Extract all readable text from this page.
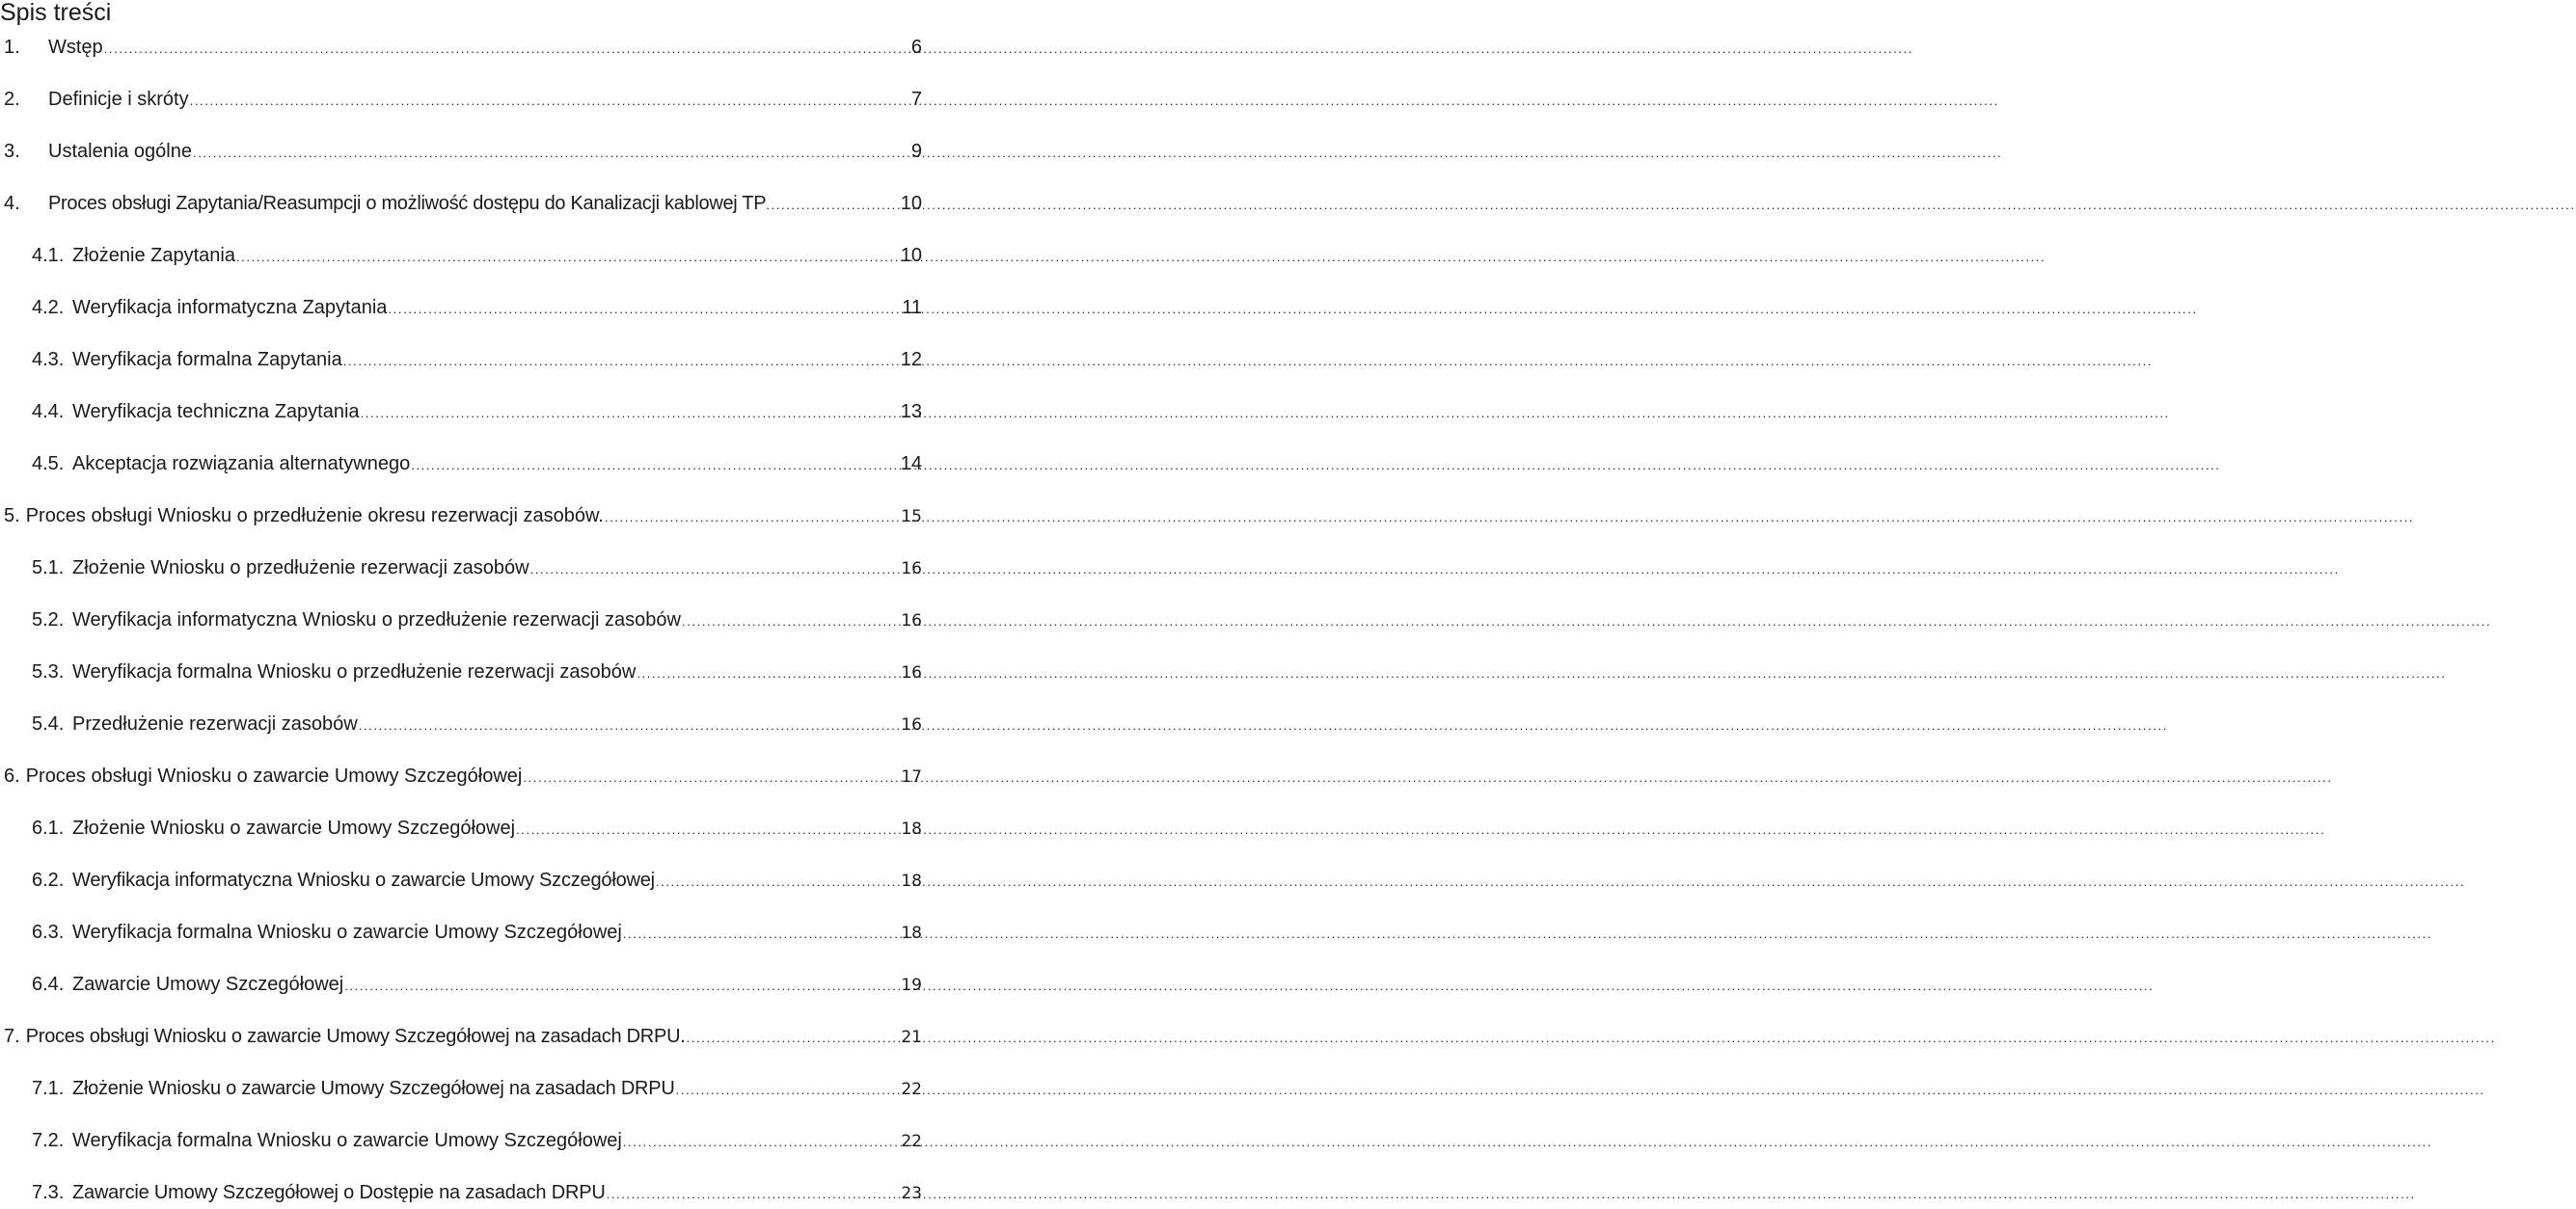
Spis treści
1.	Wstęp .....	6
2.	Definicje i skróty .....	7
3.	Ustalenia ogólne .....	9
4.	Proces obsługi Zapytania/Reasumpcji o możliwość dostępu do Kanalizacji kablowej TP .....	10
4.1. Złożenie Zapytania .....	10
4.2. Weryfikacja informatyczna Zapytania .....	11
4.3. Weryfikacja formalna Zapytania .....	12
4.4. Weryfikacja techniczna Zapytania .....	13
4.5. Akceptacja rozwiązania alternatywnego .....	14
5. Proces obsługi Wniosku o przedłużenie okresu rezerwacji zasobów. .....	15
5.1. Złożenie Wniosku o przedłużenie rezerwacji zasobów .....	16
5.2. Weryfikacja informatyczna Wniosku o przedłużenie rezerwacji zasobów .....	16
5.3. Weryfikacja formalna Wniosku o przedłużenie rezerwacji zasobów .....	16
5.4. Przedłużenie rezerwacji zasobów .....	16
6. Proces obsługi Wniosku o zawarcie Umowy Szczegółowej .....	17
6.1. Złożenie Wniosku o zawarcie Umowy Szczegółowej .....	18
6.2. Weryfikacja informatyczna Wniosku o zawarcie Umowy Szczegółowej .....	18
6.3. Weryfikacja formalna Wniosku o zawarcie Umowy Szczegółowej .....	18
6.4. Zawarcie Umowy Szczegółowej .....	19
7. Proces obsługi Wniosku o zawarcie Umowy Szczegółowej na zasadach DRPU. .....	21
7.1. Złożenie Wniosku o zawarcie Umowy Szczegółowej na zasadach DRPU .....	22
7.2. Weryfikacja formalna Wniosku o zawarcie Umowy Szczegółowej .....	22
7.3. Zawarcie Umowy Szczegółowej o Dostępie na zasadach DRPU .....	23
